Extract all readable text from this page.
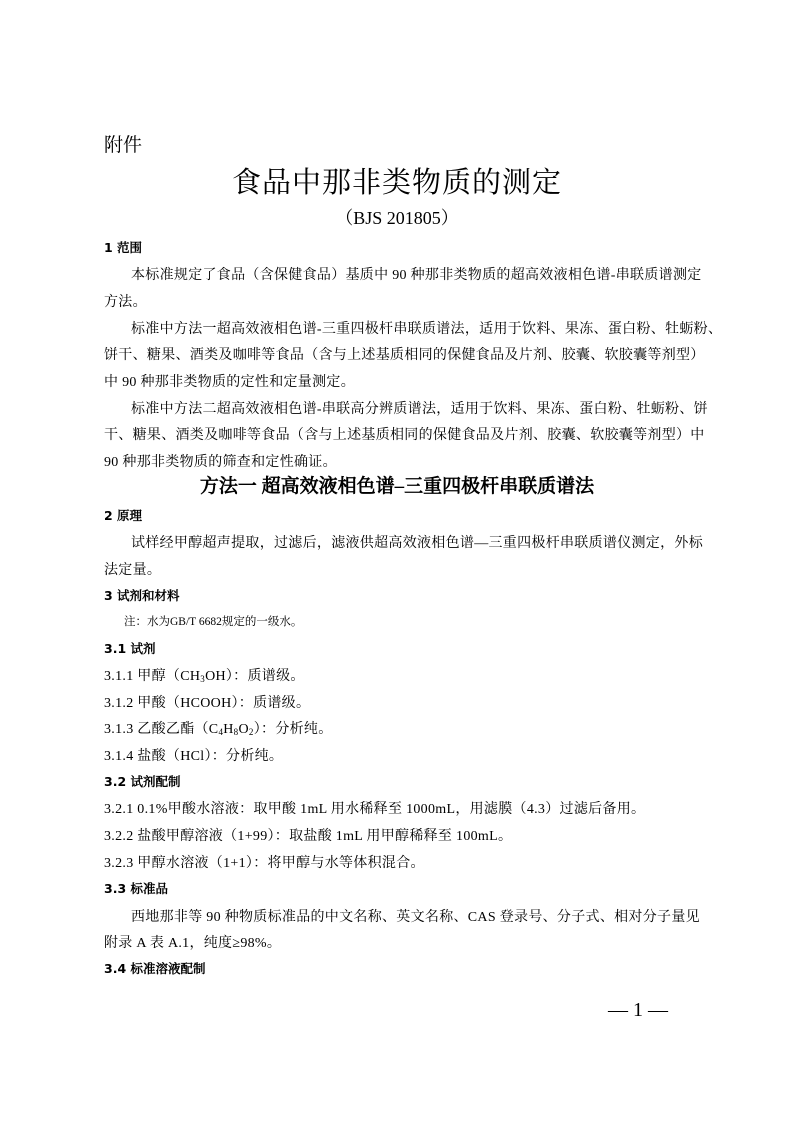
附件
食品中那非类物质的测定
（BJS 201805）
1 范围
本标准规定了食品（含保健食品）基质中 90 种那非类物质的超高效液相色谱-串联质谱测定
方法。
标准中方法一超高效液相色谱-三重四极杆串联质谱法，适用于饮料、果冻、蛋白粉、牡蛎粉、
饼干、糖果、酒类及咖啡等食品（含与上述基质相同的保健食品及片剂、胶囊、软胶囊等剂型）
中 90 种那非类物质的定性和定量测定。
标准中方法二超高效液相色谱-串联高分辨质谱法，适用于饮料、果冻、蛋白粉、牡蛎粉、饼
干、糖果、酒类及咖啡等食品（含与上述基质相同的保健食品及片剂、胶囊、软胶囊等剂型）中
90 种那非类物质的筛查和定性确证。
方法一 超高效液相色谱–三重四极杆串联质谱法
2 原理
试样经甲醇超声提取，过滤后，滤液供超高效液相色谱—三重四极杆串联质谱仪测定，外标
法定量。
3 试剂和材料
注：水为GB/T 6682规定的一级水。
3.1 试剂
3.1.1 甲醇$(CH_3OH)$：质谱级。
3.1.2 甲酸（HCOOH）：质谱级。
3.1.3 乙酸乙酯$(C_4H_8O_2)$：分析纯。
3.1.4 盐酸（HCl）：分析纯。
3.2 试剂配制
3.2.1 0.1%甲酸水溶液：取甲酸 1mL 用水稀释至 1000mL，用滤膜（4.3）过滤后备用。
3.2.2 盐酸甲醇溶液（1+99）：取盐酸 1mL 用甲醇稀释至 100mL。
3.2.3 甲醇水溶液（1+1）：将甲醇与水等体积混合。
3.3 标准品
西地那非等 90 种物质标准品的中文名称、英文名称、CAS 登录号、分子式、相对分子量见
附录 A 表 A.1，纯度≥98%。
3.4 标准溶液配制
— 1 —
